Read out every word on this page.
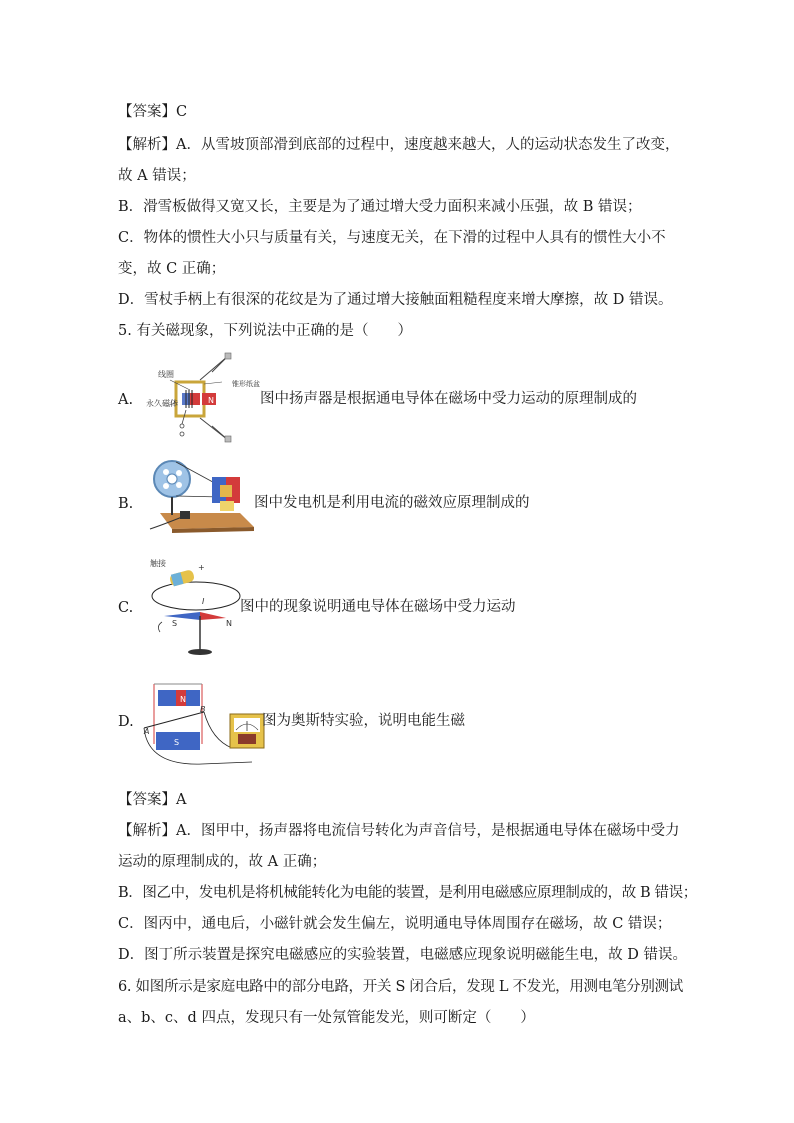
【答案】C
【解析】A．从雪坡顶部滑到底部的过程中，速度越来越大，人的运动状态发生了改变，
故 A 错误；
B．滑雪板做得又宽又长，主要是为了通过增大受力面积来减小压强，故 B 错误；
C．物体的惯性大小只与质量有关，与速度无关，在下滑的过程中人具有的惯性大小不
变，故 C 正确；
D．雪杖手柄上有很深的花纹是为了通过增大接触面粗糙程度来增大摩擦，故 D 错误。
5. 有关磁现象，下列说法中正确的是（　　）
A.	N
线圈
锥形纸盆
永久磁体	图中扬声器是根据通电导体在磁场中受力运动的原理制成的
B.	图中发电机是利用电流的磁效应原理制成的
C.
触接	+
I
S	N
图中的现象说明通电导体在磁场中受力运动
D.
N
S
A
B
图为奥斯特实验，说明电能生磁
【答案】A
【解析】A．图甲中，扬声器将电流信号转化为声音信号，是根据通电导体在磁场中受力
运动的原理制成的，故 A 正确；
B．图乙中，发电机是将机械能转化为电能的装置，是利用电磁感应原理制成的，故 B 错误；
C．图丙中，通电后，小磁针就会发生偏左，说明通电导体周围存在磁场，故 C 错误；
D．图丁所示装置是探究电磁感应的实验装置，电磁感应现象说明磁能生电，故 D 错误。
6. 如图所示是家庭电路中的部分电路，开关 S 闭合后，发现 L 不发光，用测电笔分别测试
a、b、c、d 四点，发现只有一处氖管能发光，则可断定（　　）
